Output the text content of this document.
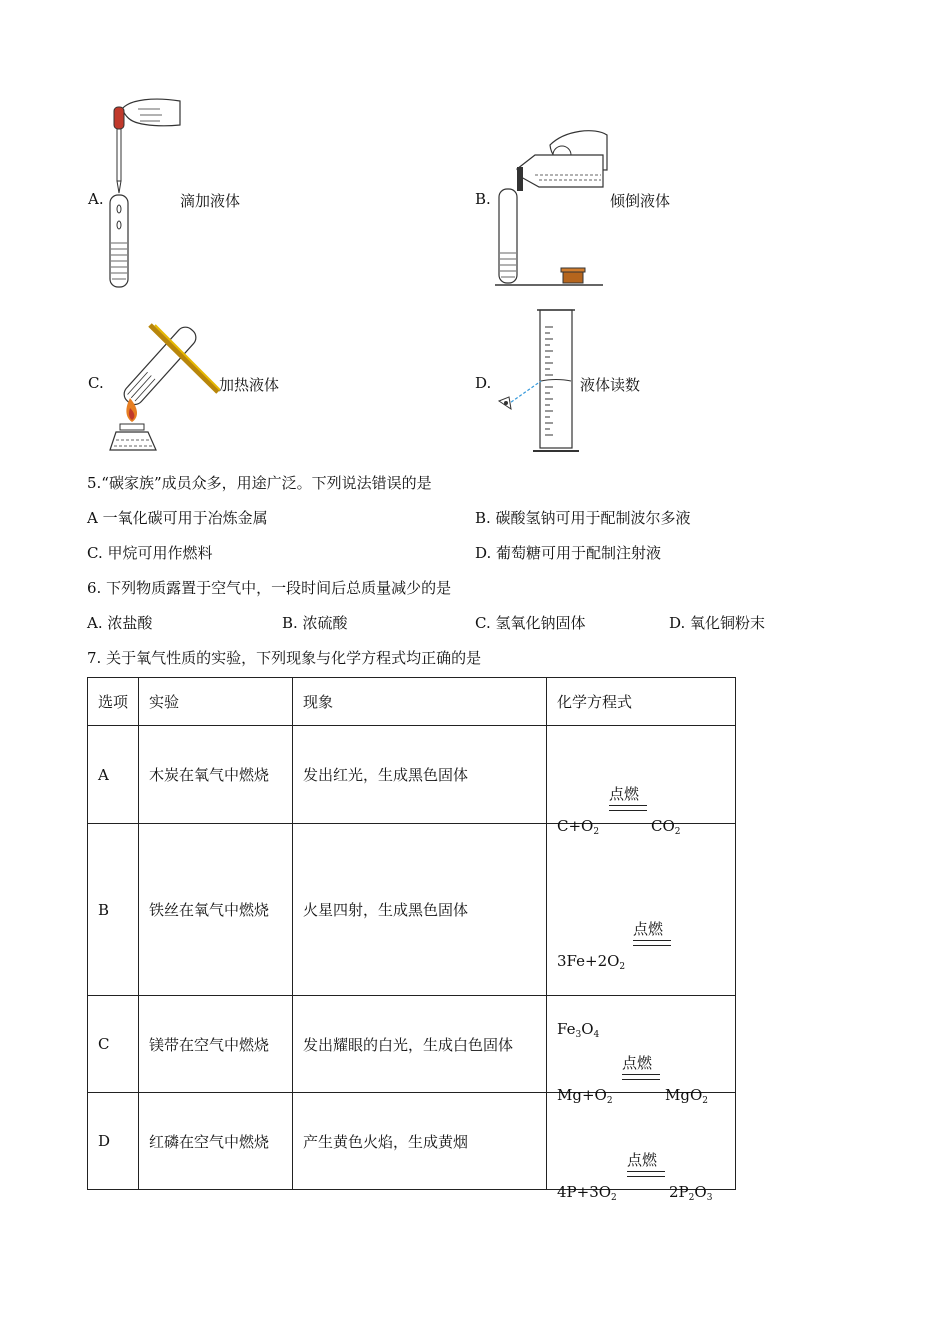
A.	滴加液体	B.	倾倒液体
C.	加热液体	D.	液体读数
5.“碳家族”成员众多，用途广泛。下列说法错误的是
A 一氧化碳可用于冶炼金属	B. 碳酸氢钠可用于配制波尔多液
C. 甲烷可用作燃料	D. 葡萄糖可用于配制注射液
6. 下列物质露置于空气中，一段时间后总质量减少的是
A. 浓盐酸	B. 浓硫酸	C. 氢氧化钠固体	D. 氧化铜粉末
7. 关于氧气性质的实验，下列现象与化学方程式均正确的是
选项	实验	现象	化学方程式
A	木炭在氧气中燃烧	发出红光，生成黑色固体	点燃
$C+O_2$ $CO_2$

B	铁丝在氧气中燃烧	火星四射，生成黑色固体	点燃
$3Fe+2O_2$
$Fe_3O_4$

C	镁带在空气中燃烧	发出耀眼的白光，生成白色固体	点燃
$Mg+O_2$ MgO$_2$

D	红磷在空气中燃烧	产生黄色火焰，生成黄烟	点燃
$4P+3O_2$ $2P_2O_3$
